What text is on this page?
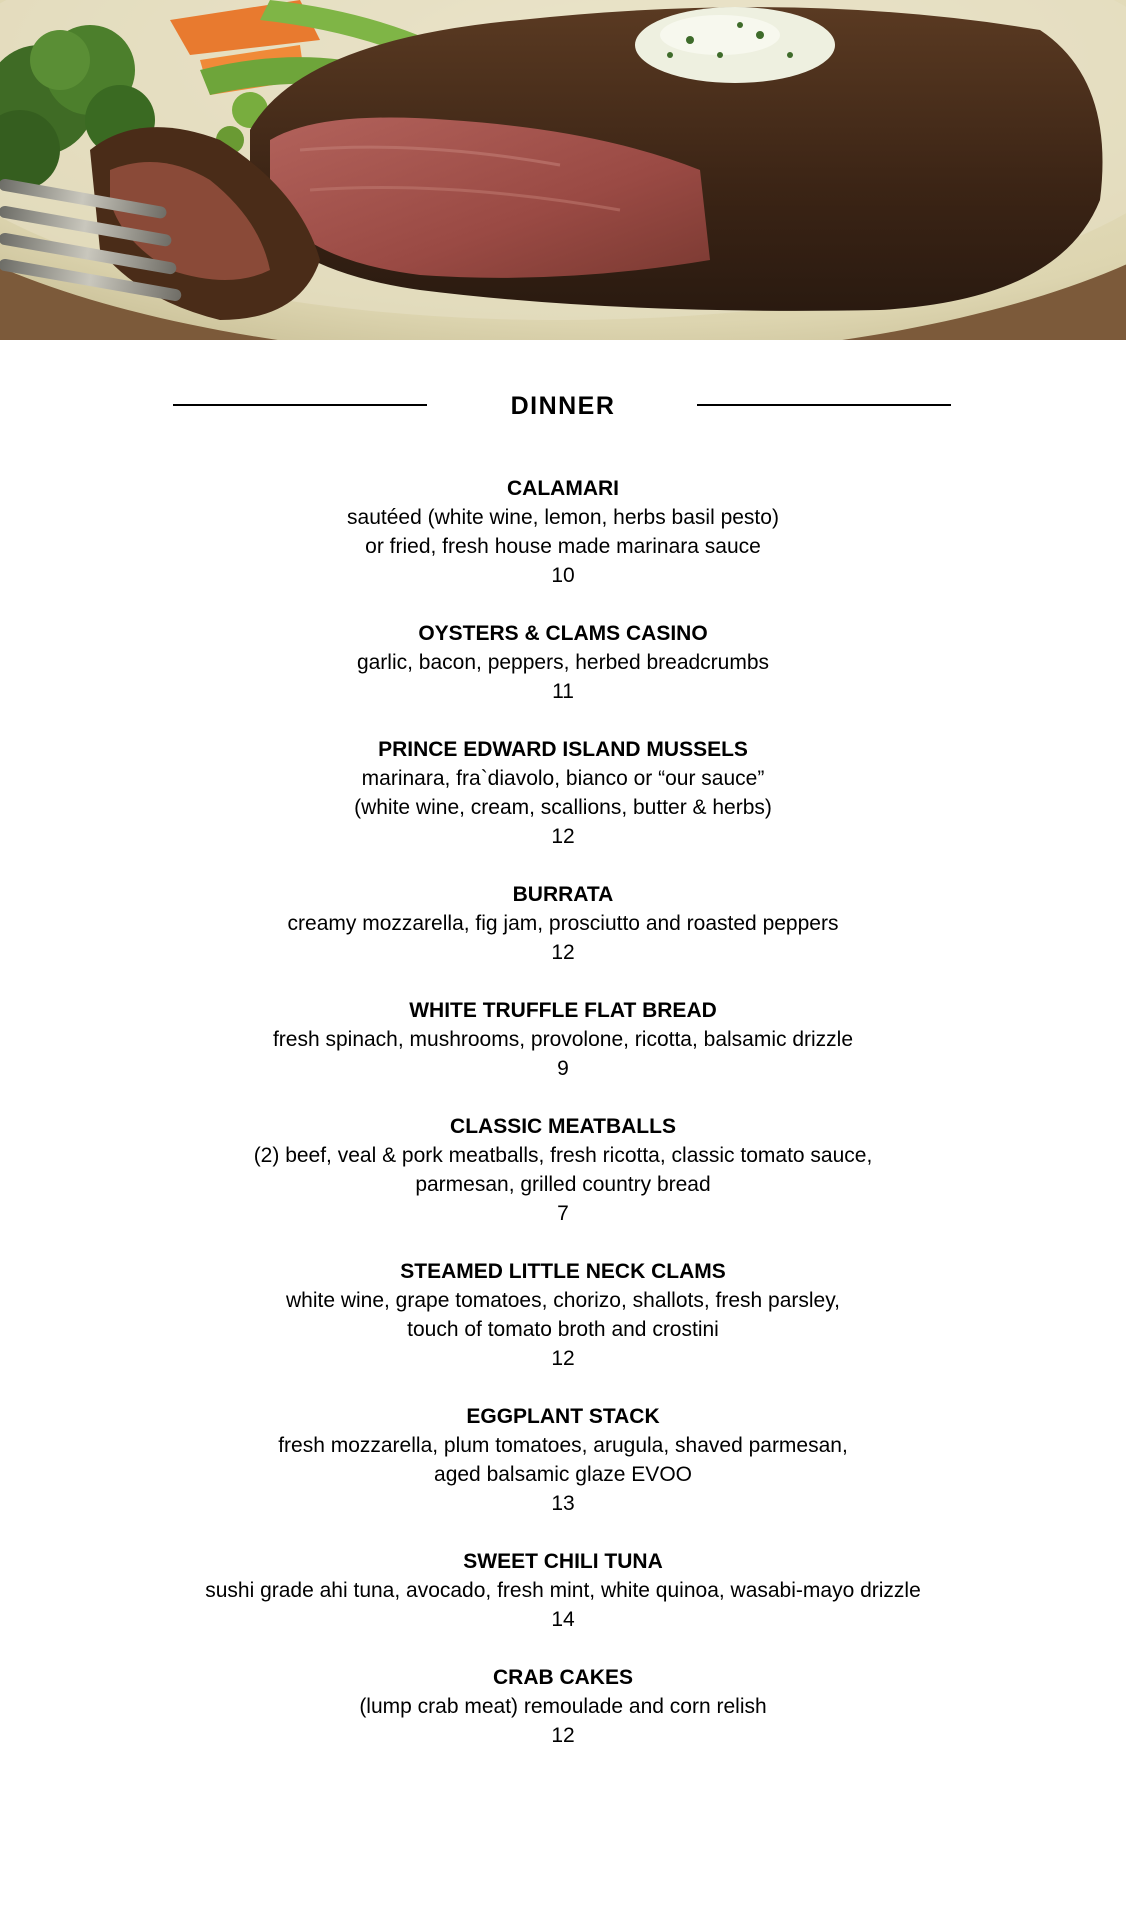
DINNER
CALAMARI
sautéed (white wine, lemon, herbs basil pesto)
or fried, fresh house made marinara sauce
10
OYSTERS & CLAMS CASINO
garlic, bacon, peppers, herbed breadcrumbs
11
PRINCE EDWARD ISLAND MUSSELS
marinara, fra`diavolo, bianco or “our sauce”
(white wine, cream, scallions, butter & herbs)
12
BURRATA
creamy mozzarella, fig jam, prosciutto and roasted peppers
12
WHITE TRUFFLE FLAT BREAD
fresh spinach, mushrooms, provolone, ricotta, balsamic drizzle
9
CLASSIC MEATBALLS
(2) beef, veal & pork meatballs, fresh ricotta, classic tomato sauce,
parmesan, grilled country bread
7
STEAMED LITTLE NECK CLAMS
white wine, grape tomatoes, chorizo, shallots, fresh parsley,
touch of tomato broth and crostini
12
EGGPLANT STACK
fresh mozzarella, plum tomatoes, arugula, shaved parmesan,
aged balsamic glaze EVOO
13
SWEET CHILI TUNA
sushi grade ahi tuna, avocado, fresh mint, white quinoa, wasabi-mayo drizzle
14
CRAB CAKES
(lump crab meat) remoulade and corn relish
12
